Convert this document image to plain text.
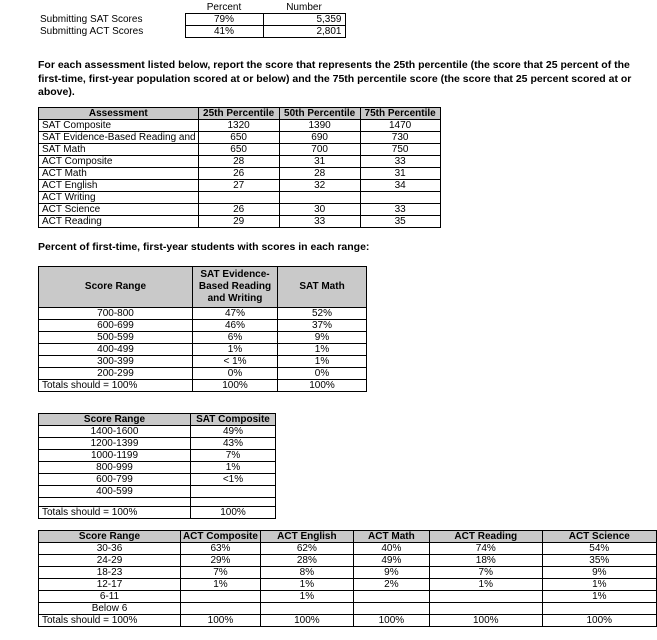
	Percent	Number
Submitting SAT Scores	79%	5,359
Submitting ACT Scores	41%	2,801
For each assessment listed below, report the score that represents the 25th percentile (the score that 25 percent of the first-time, first-year population scored at or below) and the 75th percentile score (the score that 25 percent scored at or above).
Assessment	25th Percentile	50th Percentile	75th Percentile
SAT Composite	1320	1390	1470
SAT Evidence-Based Reading and	650	690	730
SAT Math	650	700	750
ACT Composite	28	31	33
ACT Math	26	28	31
ACT English	27	32	34
ACT Writing			
ACT Science	26	30	33
ACT Reading	29	33	35
Percent of first-time, first-year students with scores in each range:
Score Range	SAT Evidence-Based Reading and Writing	SAT Math
700-800	47%	52%
600-699	46%	37%
500-599	6%	9%
400-499	1%	1%
300-399	< 1%	1%
200-299	0%	0%
Totals should = 100%	100%	100%
Score Range	SAT Composite
1400-1600	49%
1200-1399	43%
1000-1199	7%
800-999	1%
600-799	<1%
400-599	

Totals should = 100%	100%
Score Range	ACT Composite	ACT English	ACT Math	ACT Reading	ACT Science
30-36	63%	62%	40%	74%	54%
24-29	29%	28%	49%	18%	35%
18-23	7%	8%	9%	7%	9%
12-17	1%	1%	2%	1%	1%
6-11		1%			1%
Below 6					
Totals should = 100%	100%	100%	100%	100%	100%
